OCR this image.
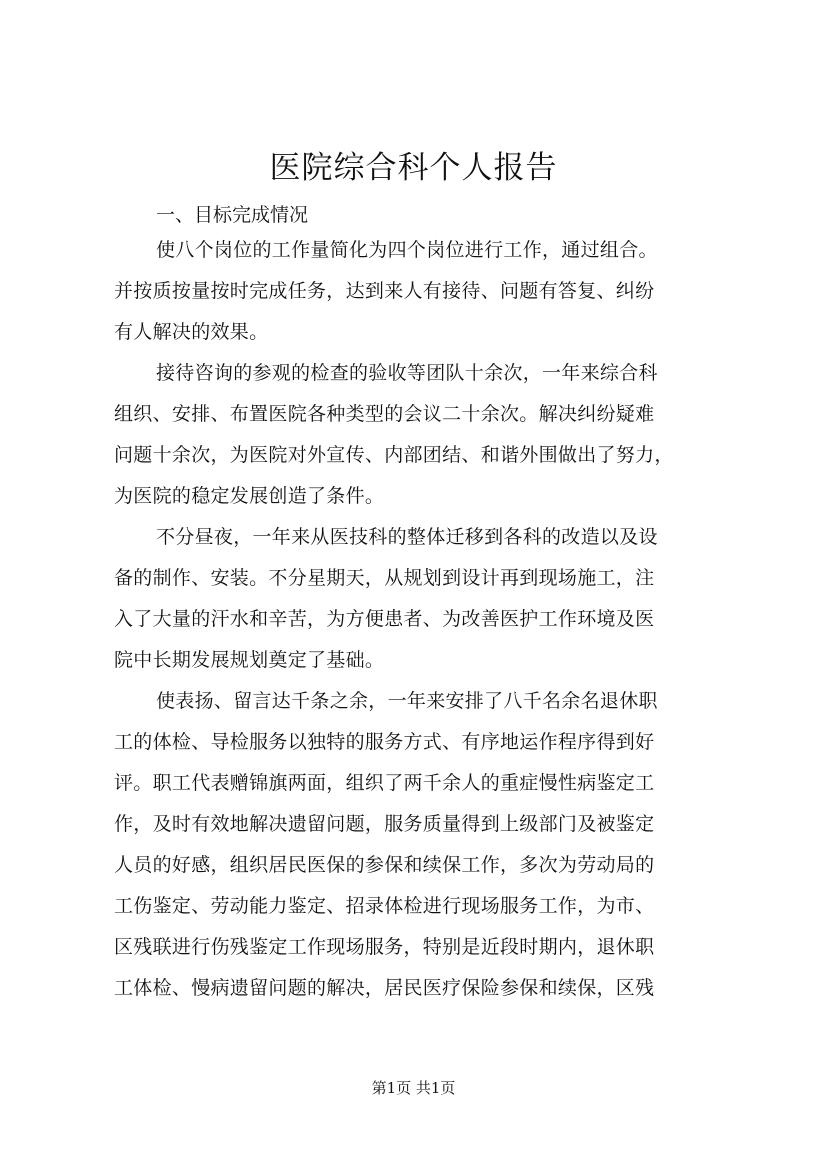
医院综合科个人报告

一、目标完成情况

使八个岗位的工作量简化为四个岗位进行工作，通过组合。
并按质按量按时完成任务，达到来人有接待、问题有答复、纠纷
有人解决的效果。
接待咨询的参观的检查的验收等团队十余次，一年来综合科
组织、安排、布置医院各种类型的会议二十余次。解决纠纷疑难
问题十余次，为医院对外宣传、内部团结、和谐外围做出了努力，
为医院的稳定发展创造了条件。
不分昼夜，一年来从医技科的整体迁移到各科的改造以及设
备的制作、安装。不分星期天，从规划到设计再到现场施工，注
入了大量的汗水和辛苦，为方便患者、为改善医护工作环境及医
院中长期发展规划奠定了基础。
使表扬、留言达千条之余，一年来安排了八千名余名退休职
工的体检、导检服务以独特的服务方式、有序地运作程序得到好
评。职工代表赠锦旗两面，组织了两千余人的重症慢性病鉴定工
作，及时有效地解决遗留问题，服务质量得到上级部门及被鉴定
人员的好感，组织居民医保的参保和续保工作，多次为劳动局的
工伤鉴定、劳动能力鉴定、招录体检进行现场服务工作，为市、
区残联进行伤残鉴定工作现场服务，特别是近段时期内，退休职
工体检、慢病遗留问题的解决，居民医疗保险参保和续保，区残
第1页 共1页
